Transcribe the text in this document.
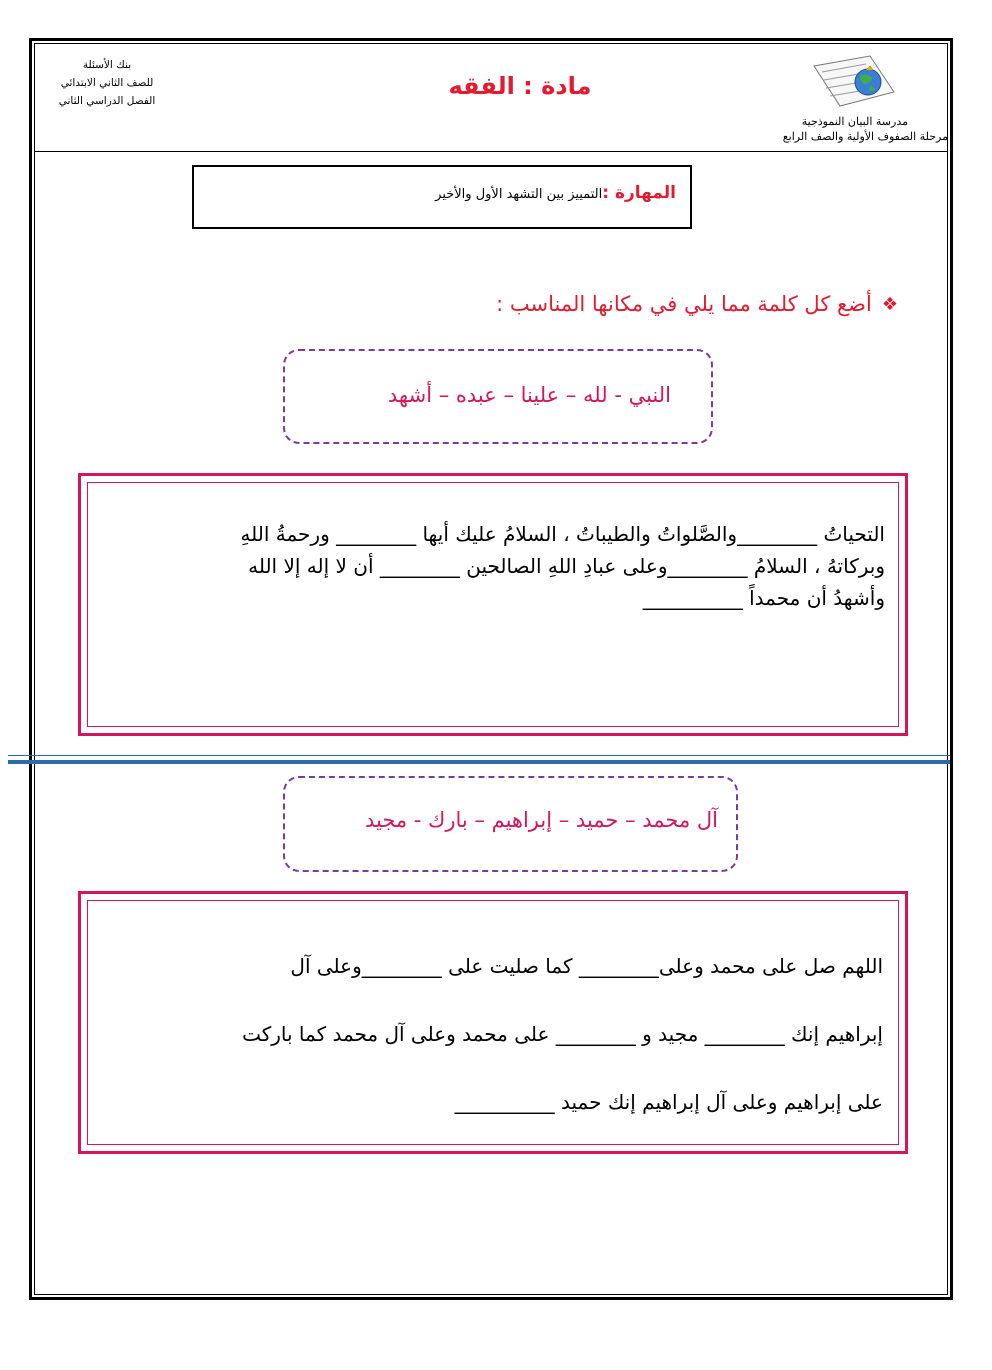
مدرسة البيان النموذجية
مرحلة الصفوف الأولية والصف الرابع
مادة : الفقه
بنك الأسئلة
للصف الثاني الابتدائي
الفصل الدراسي الثاني
المهارة :التمييز بين التشهد الأول والأخير
❖
أضع كل كلمة مما يلي في مكانها المناسب :
النبي - لله – علينا – عبده – أشهد
التحياتُ ________والصَّلواتُ والطيباتُ ، السلامُ عليك أيها ________ ورحمةُ اللهِ
وبركاتهُ ، السلامُ ________وعلى عبادِ اللهِ الصالحين ________ أن لا إله إلا الله
وأشهدُ أن محمداً __________
آل محمد – حميد – إبراهيم – بارك - مجيد
اللهم صل على محمد وعلى________ كما صليت على ________وعلى آل
إبراهيم إنك ________ مجيد و ________ على محمد وعلى آل محمد كما باركت
على إبراهيم وعلى آل إبراهيم إنك حميد __________
